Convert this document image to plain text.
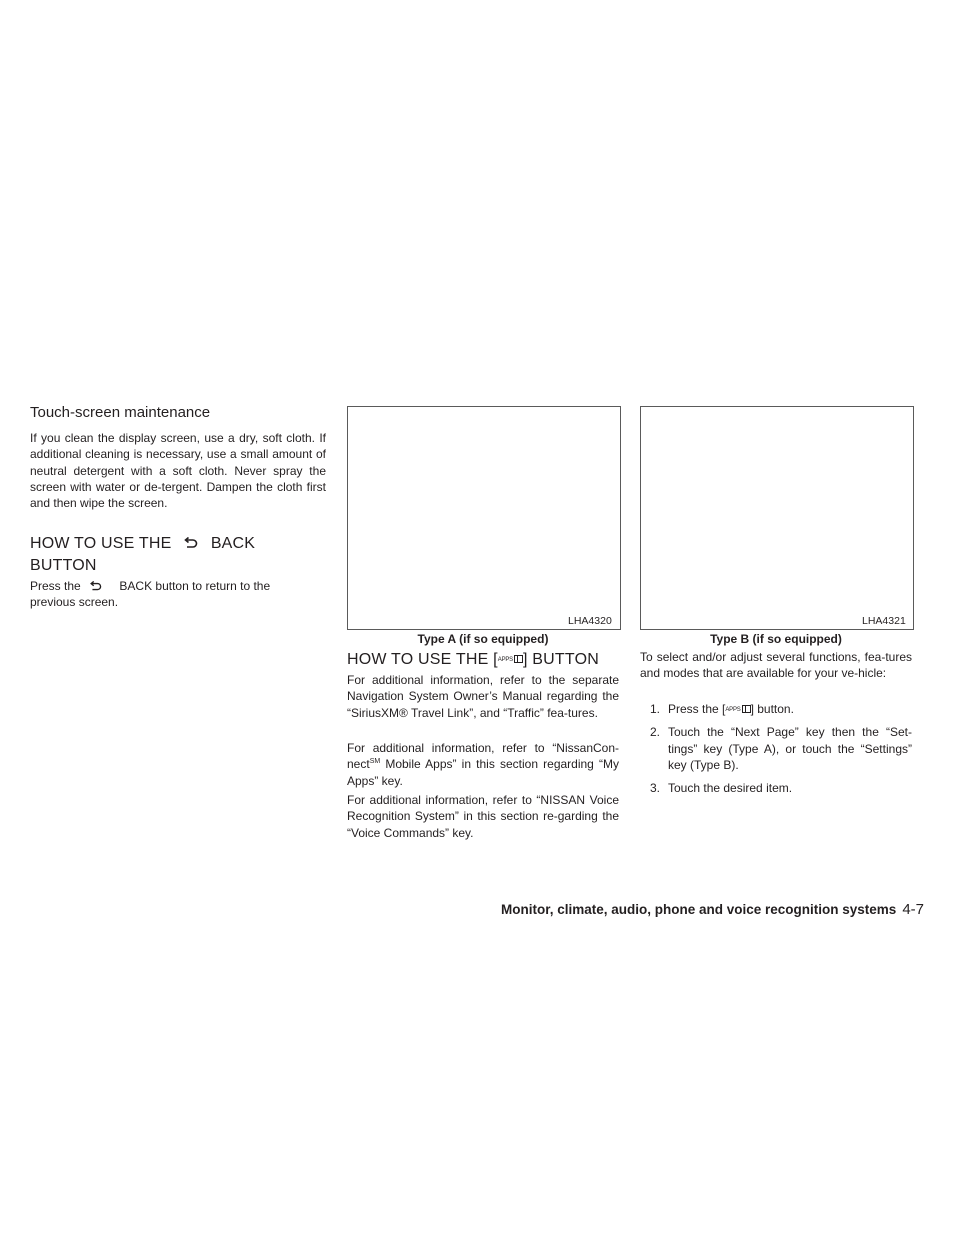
Touch-screen maintenance
If you clean the display screen, use a dry, soft cloth. If additional cleaning is necessary, use a small amount of neutral detergent with a soft cloth. Never spray the screen with water or de-tergent. Dampen the cloth first and then wipe the screen.
HOW TO USE THE BACK
BUTTON
Press the	BACK button to return to the
previous screen.
LHA4320
Type A (if so equipped)
LHA4321
Type B (if so equipped)
HOW TO USE THE [APPS ] BUTTON
For additional information, refer to the separate Navigation System Owner’s Manual regarding the “SiriusXM® Travel Link”, and “Traffic” fea-tures.
For additional information, refer to “NissanCon-nect℠ Mobile Apps” in this section regarding “My Apps” key.
For additional information, refer to “NISSAN Voice Recognition System” in this section re-garding the “Voice Commands” key.
To select and/or adjust several functions, fea-tures and modes that are available for your ve-hicle:
1. Press the [APPS ] button.
2. Touch the “Next Page” key then the “Set-tings” key (Type A), or touch the “Settings” key (Type B).
3. Touch the desired item.
Monitor, climate, audio, phone and voice recognition systems 4-7
